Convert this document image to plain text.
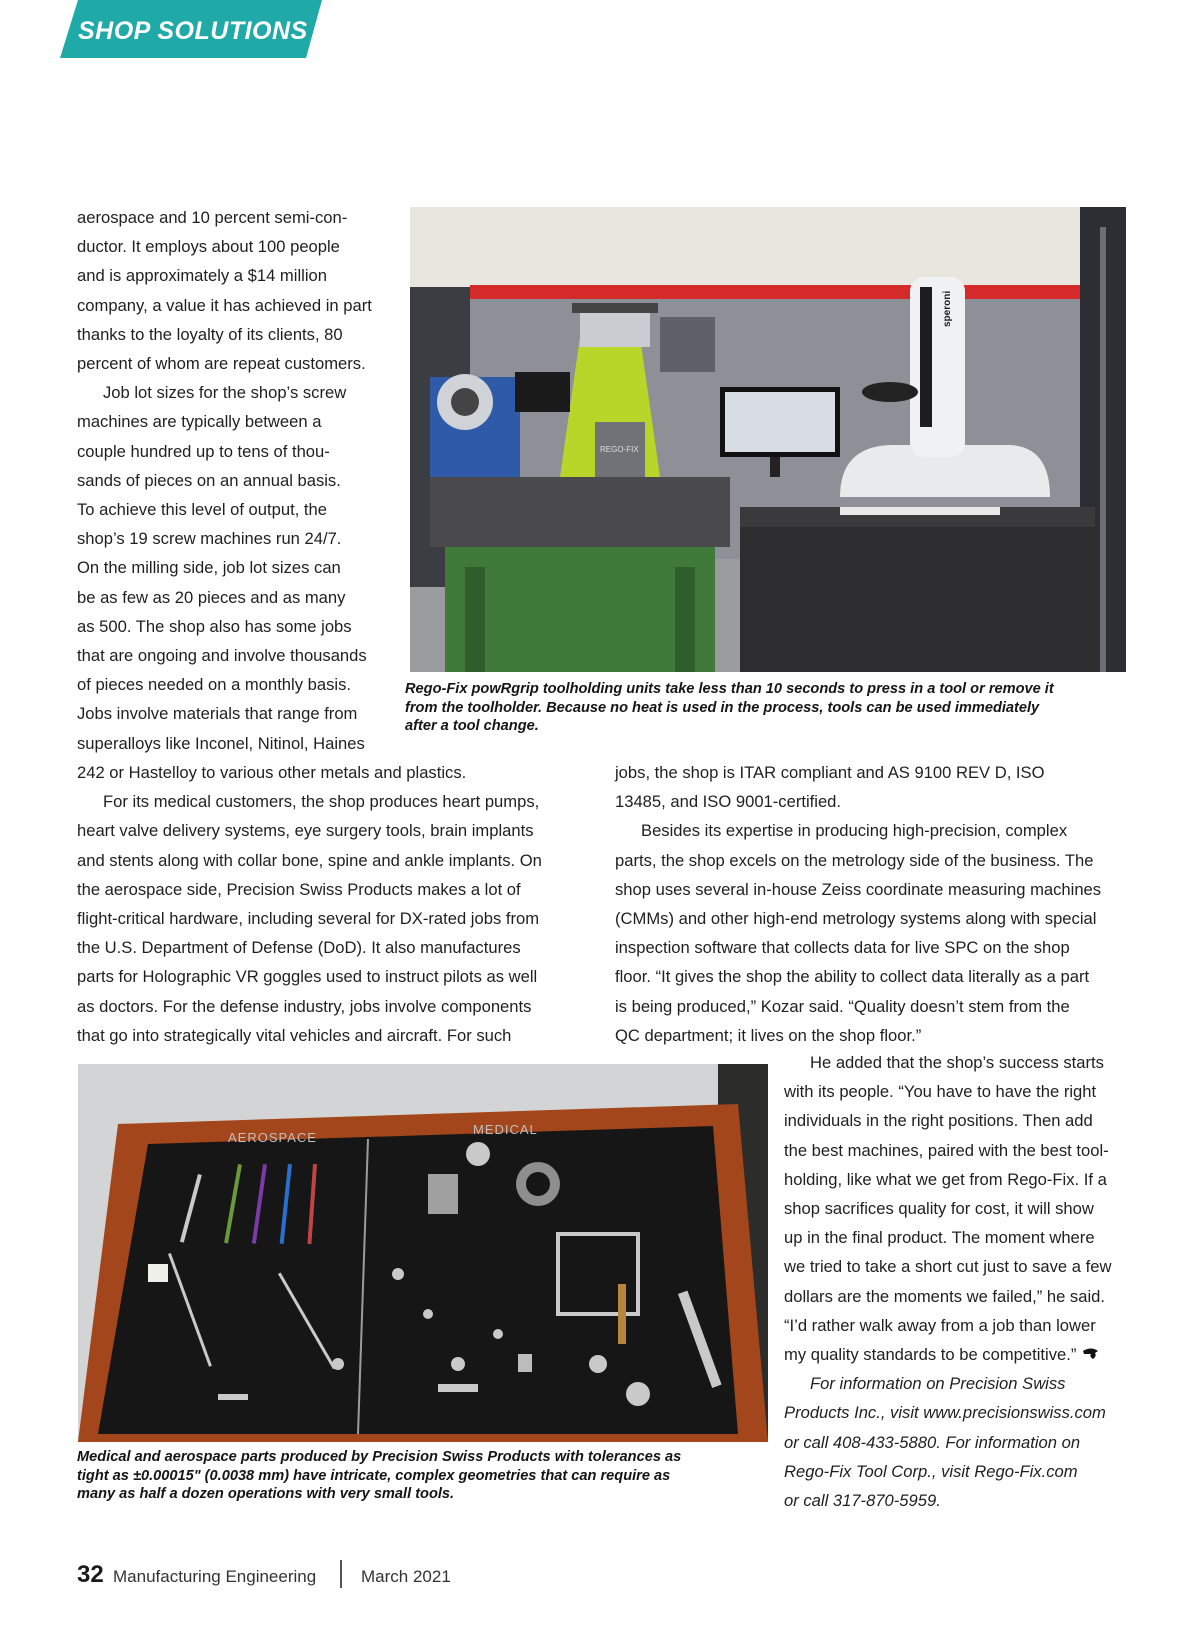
SHOP SOLUTIONS

aerospace and 10 percent semi-con-

ductor. It employs about 100 people

and is approximately a $14 million

company, a value it has achieved in part

thanks to the loyalty of its clients, 80

percent of whom are repeat customers.

Job lot sizes for the shop’s screw

machines are typically between a

couple hundred up to tens of thou-

sands of pieces on an annual basis.

To achieve this level of output, the

shop’s 19 screw machines run 24/7.

On the milling side, job lot sizes can

be as few as 20 pieces and as many

as 500. The shop also has some jobs

that are ongoing and involve thousands

of pieces needed on a monthly basis.

Jobs involve materials that range from

superalloys like Inconel, Nitinol, Haines

REGO-FIX
speroni
Rego-Fix powRgrip toolholding units take less than 10 seconds to press in a tool or remove it
from the toolholder. Because no heat is used in the process, tools can be used immediately
after a tool change.

242 or Hastelloy to various other metals and plastics.

For its medical customers, the shop produces heart pumps,

heart valve delivery systems, eye surgery tools, brain implants

and stents along with collar bone, spine and ankle implants. On

the aerospace side, Precision Swiss Products makes a lot of

flight-critical hardware, including several for DX-rated jobs from

the U.S. Department of Defense (DoD). It also manufactures

parts for Holographic VR goggles used to instruct pilots as well

as doctors. For the defense industry, jobs involve components

that go into strategically vital vehicles and aircraft. For such

jobs, the shop is ITAR compliant and AS 9100 REV D, ISO

13485, and ISO 9001-certified.

Besides its expertise in producing high-precision, complex

parts, the shop excels on the metrology side of the business. The

shop uses several in-house Zeiss coordinate measuring machines

(CMMs) and other high-end metrology systems along with special

inspection software that collects data for live SPC on the shop

floor. “It gives the shop the ability to collect data literally as a part

is being produced,” Kozar said. “Quality doesn’t stem from the

QC department; it lives on the shop floor.”

AEROSPACE
MEDICAL
Medical and aerospace parts produced by Precision Swiss Products with tolerances as
tight as ±0.00015" (0.0038 mm) have intricate, complex geometries that can require as
many as half a dozen operations with very small tools.

He added that the shop’s success starts

with its people. “You have to have the right

individuals in the right positions. Then add

the best machines, paired with the best tool-

holding, like what we get from Rego-Fix. If a

shop sacrifices quality for cost, it will show

up in the final product. The moment where

we tried to take a short cut just to save a few

dollars are the moments we failed,” he said.

“I’d rather walk away from a job than lower

my quality standards to be competitive.”

For information on Precision Swiss

Products Inc., visit www.precisionswiss.com

or call 408-433-5880. For information on

Rego-Fix Tool Corp., visit Rego-Fix.com

or call 317-870-5959.

32 Manufacturing Engineering	March 2021
